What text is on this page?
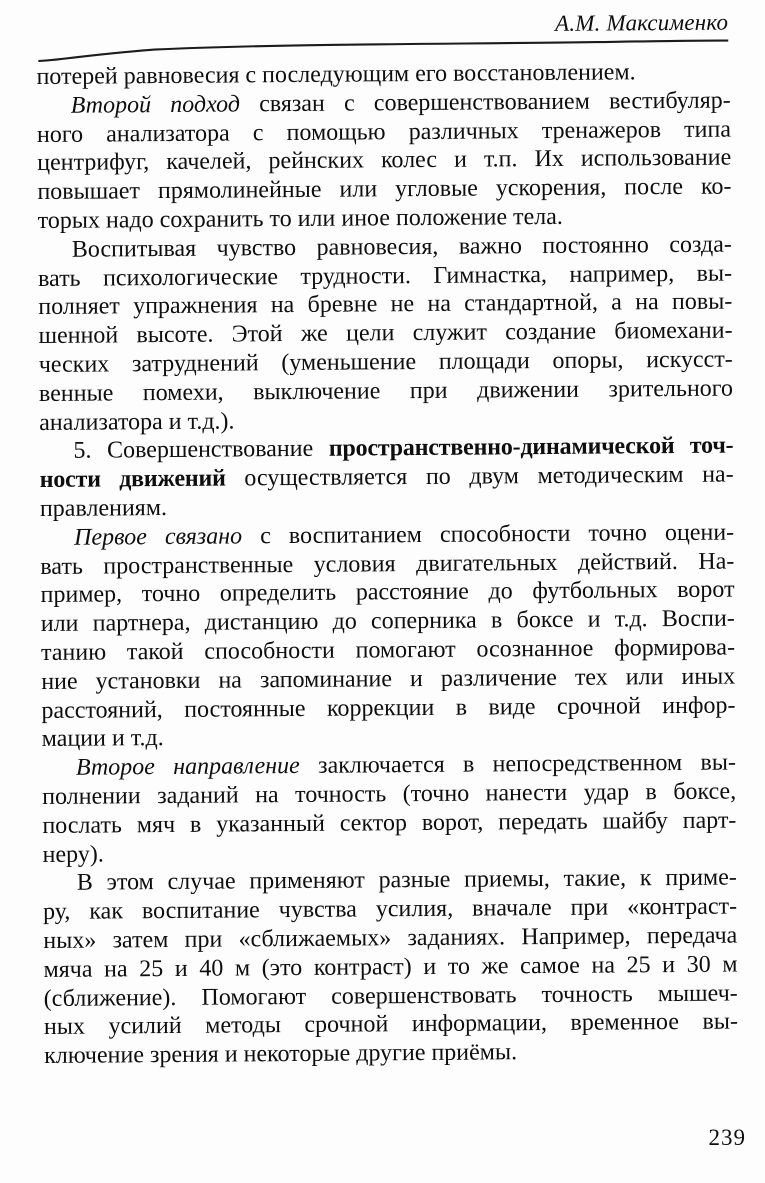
А.М. Максименко
потерей равновесия с последующим его восстановлением.
Второй подход связан с совершенствованием вестибуляр-
ного анализатора с помощью различных тренажеров типа
центрифуг, качелей, рейнских колес и т.п. Их использование
повышает прямолинейные или угловые ускорения, после ко-
торых надо сохранить то или иное положение тела.
Воспитывая чувство равновесия, важно постоянно созда-
вать психологические трудности. Гимнастка, например, вы-
полняет упражнения на бревне не на стандартной, а на повы-
шенной высоте. Этой же цели служит создание биомехани-
ческих затруднений (уменьшение площади опоры, искусст-
венные помехи, выключение при движении зрительного
анализатора и т.д.).
5. Совершенствование пространственно-динамической точ-
ности движений осуществляется по двум методическим на-
правлениям.
Первое связано с воспитанием способности точно оцени-
вать пространственные условия двигательных действий. На-
пример, точно определить расстояние до футбольных ворот
или партнера, дистанцию до соперника в боксе и т.д. Воспи-
танию такой способности помогают осознанное формирова-
ние установки на запоминание и различение тех или иных
расстояний, постоянные коррекции в виде срочной инфор-
мации и т.д.
Второе направление заключается в непосредственном вы-
полнении заданий на точность (точно нанести удар в боксе,
послать мяч в указанный сектор ворот, передать шайбу парт-
неру).
В этом случае применяют разные приемы, такие, к приме-
ру, как воспитание чувства усилия, вначале при «контраст-
ных» затем при «сближаемых» заданиях. Например, передача
мяча на 25 и 40 м (это контраст) и то же самое на 25 и 30 м
(сближение). Помогают совершенствовать точность мышеч-
ных усилий методы срочной информации, временное вы-
ключение зрения и некоторые другие приёмы.
239
